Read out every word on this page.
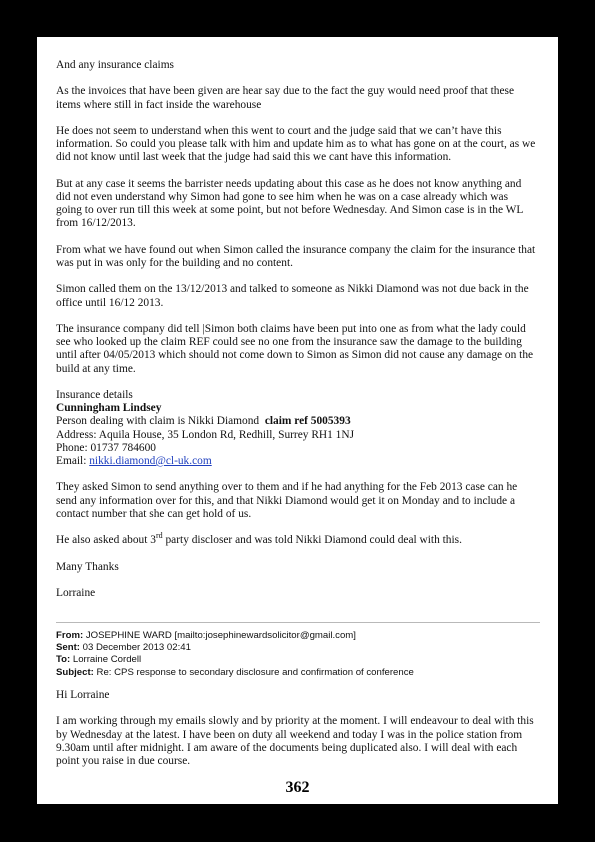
And any insurance claims

As the invoices that have been given are hear say due to the fact the guy would need proof that these items where still in fact inside the warehouse

He does not seem to understand when this went to court and the judge said that we can’t have this information. So could you please talk with him and update him as to what has gone on at the court, as we did not know until last week that the judge had said this we cant have this information.

But at any case it seems the barrister needs updating about this case as he does not know anything and did not even understand why Simon had gone to see him when he was on a case already which was going to over run till this week at some point, but not before Wednesday. And Simon case is in the WL from 16/12/2013.

From what we have found out when Simon called the insurance company the claim for the insurance that was put in was only for the building and no content.

Simon called them on the 13/12/2013 and talked to someone as Nikki Diamond was not due back in the office until 16/12 2013.

The insurance company did tell |Simon both claims have been put into one as from what the lady could see who looked up the claim REF could see no one from the insurance saw the damage to the building until after 04/05/2013 which should not come down to Simon as Simon did not cause any damage on the build at any time.

Insurance details
Cunningham Lindsey
Person dealing with claim is Nikki Diamond claim ref 5005393
Address: Aquila House, 35 London Rd, Redhill, Surrey RH1 1NJ
Phone: 01737 784600
Email: nikki.diamond@cl-uk.com

They asked Simon to send anything over to them and if he had anything for the Feb 2013 case can he send any information over for this, and that Nikki Diamond would get it on Monday and to include a contact number that she can get hold of us.

He also asked about 3rd party discloser and was told Nikki Diamond could deal with this.

Many Thanks

Lorraine

From: JOSEPHINE WARD [mailto:josephinewardsolicitor@gmail.com]
Sent: 03 December 2013 02:41
To: Lorraine Cordell
Subject: Re: CPS response to secondary disclosure and confirmation of conference

Hi Lorraine

I am working through my emails slowly and by priority at the moment. I will endeavour to deal with this by Wednesday at the latest. I have been on duty all weekend and today I was in the police station from 9.30am until after midnight. I am aware of the documents being duplicated also. I will deal with each point you raise in due course.

362
